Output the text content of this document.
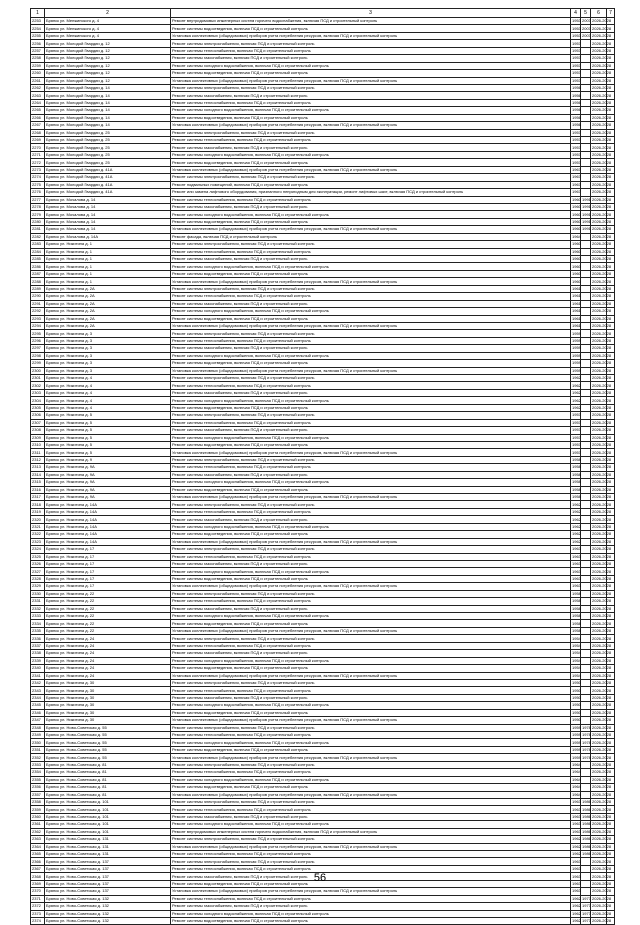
1	2	3	4	5	6	7
2253	Брянск ул. Менжинского д. 4	Ремонт внутридомовых инженерных систем горячего водоснабжения, включая ПСД и строительный контроль	1953	2007	2026-2028	
2254	Брянск ул. Менжинского д. 4	Ремонт системы водоотведения, включая ПСД и строительный контроль	1953	2007	2026-2028	
2255	Брянск ул. Менжинского д. 4	Установка коллективных (общедомовых) приборов учета потребления ресурсов, включая ПСД и строительный контроль	1953	2007	2026-2028	
2256	Брянск ул. Молодой Гвардии д. 12	Ремонт системы электроснабжения, включая ПСД и строительный контроль	1957		2026-2028	
2257	Брянск ул. Молодой Гвардии д. 12	Ремонт системы теплоснабжения, включая ПСД и строительный контроль	1957		2026-2028	
2258	Брянск ул. Молодой Гвардии д. 12	Ремонт системы газоснабжения, включая ПСД и строительный контроль	1957		2026-2028	
2259	Брянск ул. Молодой Гвардии д. 12	Ремонт системы холодного водоснабжения, включая ПСД и строительный контроль	1957		2026-2028	
2260	Брянск ул. Молодой Гвардии д. 12	Ремонт системы водоотведения, включая ПСД и строительный контроль	1957		2026-2028	
2261	Брянск ул. Молодой Гвардии д. 12	Установка коллективных (общедомовых) приборов учета потребления ресурсов, включая ПСД и строительный контроль	1957		2026-2028	
2262	Брянск ул. Молодой Гвардии д. 14	Ремонт системы электроснабжения, включая ПСД и строительный контроль	1956		2026-2028	
2263	Брянск ул. Молодой Гвардии д. 14	Ремонт системы газоснабжения, включая ПСД и строительный контроль	1956		2026-2028	
2264	Брянск ул. Молодой Гвардии д. 14	Ремонт системы теплоснабжения, включая ПСД и строительный контроль	1956		2026-2028	
2265	Брянск ул. Молодой Гвардии д. 14	Ремонт системы холодного водоснабжения, включая ПСД и строительный контроль	1956		2026-2028	
2266	Брянск ул. Молодой Гвардии д. 14	Ремонт системы водоотведения, включая ПСД и строительный контроль	1956		2026-2028	
2267	Брянск ул. Молодой Гвардии д. 14	Установка коллективных (общедомовых) приборов учета потребления ресурсов, включая ПСД и строительный контроль	1956		2026-2028	
2268	Брянск ул. Молодой Гвардии д. 25	Ремонт системы электроснабжения, включая ПСД и строительный контроль	1957		2026-2028	
2269	Брянск ул. Молодой Гвардии д. 25	Ремонт системы теплоснабжения, включая ПСД и строительный контроль	1957		2026-2028	
2270	Брянск ул. Молодой Гвардии д. 25	Ремонт системы газоснабжения, включая ПСД и строительный контроль	1957		2026-2028	
2271	Брянск ул. Молодой Гвардии д. 25	Ремонт системы холодного водоснабжения, включая ПСД и строительный контроль	1957		2026-2028	
2272	Брянск ул. Молодой Гвардии д. 25	Ремонт системы водоотведения, включая ПСД и строительный контроль	1957		2026-2028	
2273	Брянск ул. Молодой Гвардии д. 41А	Установка коллективных (общедомовых) приборов учета потребления ресурсов, включая ПСД и строительный контроль	1967		2026-2028	
2274	Брянск ул. Молодой Гвардии д. 41А	Ремонт системы электроснабжения, включая ПСД и строительный контроль	1967		2026-2028	
2275	Брянск ул. Молодой Гвардии д. 41А	Ремонт подвальных помещений, включая ПСД и строительный контроль	1967		2026-2028	
2276	Брянск ул. Молодой Гвардии д. 41А	Ремонт или замена лифтового оборудования, признанного непригодным для эксплуатации, ремонт лифтовых шахт, включая ПСД и строительный контроль	1967		2026-2028	
2277	Брянск ул. Мочалова д. 14	Ремонт системы теплоснабжения, включая ПСД и строительный контроль	1960	1991	2026-2028	
2278	Брянск ул. Мочалова д. 14	Ремонт системы газоснабжения, включая ПСД и строительный контроль	1960	1991	2026-2028	
2279	Брянск ул. Мочалова д. 14	Ремонт системы холодного водоснабжения, включая ПСД и строительный контроль	1960	1991	2026-2028	
2280	Брянск ул. Мочалова д. 14	Ремонт системы водоотведения, включая ПСД и строительный контроль	1960	1991	2026-2028	
2281	Брянск ул. Мочалова д. 14	Установка коллективных (общедомовых) приборов учета потребления ресурсов, включая ПСД и строительный контроль	1960	1991	2026-2028	
2282	Брянск ул. Мочалова д. 14А	Ремонт фасада, включая ПСД и строительный контроль	1964		2026-2028	
2283	Брянск ул. Никитина д. 1	Ремонт системы электроснабжения, включая ПСД и строительный контроль	1960		2026-2028	
2284	Брянск ул. Никитина д. 1	Ремонт системы теплоснабжения, включая ПСД и строительный контроль	1960		2026-2028	
2285	Брянск ул. Никитина д. 1	Ремонт системы газоснабжения, включая ПСД и строительный контроль	1960		2026-2028	
2286	Брянск ул. Никитина д. 1	Ремонт системы холодного водоснабжения, включая ПСД и строительный контроль	1960		2026-2028	
2287	Брянск ул. Никитина д. 1	Ремонт системы водоотведения, включая ПСД и строительный контроль	1960		2026-2028	
2288	Брянск ул. Никитина д. 1	Установка коллективных (общедомовых) приборов учета потребления ресурсов, включая ПСД и строительный контроль	1960		2026-2028	
2289	Брянск ул. Никитина д. 2А	Ремонт системы электроснабжения, включая ПСД и строительный контроль	1961		2026-2028	
2290	Брянск ул. Никитина д. 2А	Ремонт системы теплоснабжения, включая ПСД и строительный контроль	1961		2026-2028	
2291	Брянск ул. Никитина д. 2А	Ремонт системы газоснабжения, включая ПСД и строительный контроль	1961		2026-2028	
2292	Брянск ул. Никитина д. 2А	Ремонт системы холодного водоснабжения, включая ПСД и строительный контроль	1961		2026-2028	
2293	Брянск ул. Никитина д. 2А	Ремонт системы водоотведения, включая ПСД и строительный контроль	1961		2026-2028	
2294	Брянск ул. Никитина д. 2А	Установка коллективных (общедомовых) приборов учета потребления ресурсов, включая ПСД и строительный контроль	1961		2026-2028	
2295	Брянск ул. Никитина д. 3	Ремонт системы электроснабжения, включая ПСД и строительный контроль	1959		2026-2028	
2296	Брянск ул. Никитина д. 3	Ремонт системы теплоснабжения, включая ПСД и строительный контроль	1959		2026-2028	
2297	Брянск ул. Никитина д. 3	Ремонт системы газоснабжения, включая ПСД и строительный контроль	1959		2026-2028	
2298	Брянск ул. Никитина д. 3	Ремонт системы холодного водоснабжения, включая ПСД и строительный контроль	1959		2026-2028	
2299	Брянск ул. Никитина д. 3	Ремонт системы водоотведения, включая ПСД и строительный контроль	1959		2026-2028	
2300	Брянск ул. Никитина д. 3	Установка коллективных (общедомовых) приборов учета потребления ресурсов, включая ПСД и строительный контроль	1959		2026-2028	
2301	Брянск ул. Никитина д. 4	Ремонт системы электроснабжения, включая ПСД и строительный контроль	1962		2026-2028	
2302	Брянск ул. Никитина д. 4	Ремонт системы теплоснабжения, включая ПСД и строительный контроль	1962		2026-2028	
2303	Брянск ул. Никитина д. 4	Ремонт системы газоснабжения, включая ПСД и строительный контроль	1962		2026-2028	
2304	Брянск ул. Никитина д. 4	Ремонт системы холодного водоснабжения, включая ПСД и строительный контроль	1962		2026-2028	
2305	Брянск ул. Никитина д. 4	Ремонт системы водоотведения, включая ПСД и строительный контроль	1962		2026-2028	
2306	Брянск ул. Никитина д. 5	Ремонт системы электроснабжения, включая ПСД и строительный контроль	1957		2026-2028	
2307	Брянск ул. Никитина д. 5	Ремонт системы теплоснабжения, включая ПСД и строительный контроль	1957		2026-2028	
2308	Брянск ул. Никитина д. 5	Ремонт системы газоснабжения, включая ПСД и строительный контроль	1957		2026-2028	
2309	Брянск ул. Никитина д. 5	Ремонт системы холодного водоснабжения, включая ПСД и строительный контроль	1957		2026-2028	
2310	Брянск ул. Никитина д. 5	Ремонт системы водоотведения, включая ПСД и строительный контроль	1957		2026-2028	
2311	Брянск ул. Никитина д. 5	Установка коллективных (общедомовых) приборов учета потребления ресурсов, включая ПСД и строительный контроль	1957		2026-2028	
2312	Брянск ул. Никитина д. 9	Ремонт системы электроснабжения, включая ПСД и строительный контроль	1958		2026-2028	
2313	Брянск ул. Никитина д. 9А	Ремонт системы теплоснабжения, включая ПСД и строительный контроль	1958		2026-2028	
2314	Брянск ул. Никитина д. 9А	Ремонт системы газоснабжения, включая ПСД и строительный контроль	1958		2026-2028	
2315	Брянск ул. Никитина д. 9А	Ремонт системы холодного водоснабжения, включая ПСД и строительный контроль	1958		2026-2028	
2316	Брянск ул. Никитина д. 9А	Ремонт системы водоотведения, включая ПСД и строительный контроль	1958		2026-2028	
2317	Брянск ул. Никитина д. 9А	Установка коллективных (общедомовых) приборов учета потребления ресурсов, включая ПСД и строительный контроль	1958		2026-2028	
2318	Брянск ул. Никитина д. 14А	Ремонт системы электроснабжения, включая ПСД и строительный контроль	1962		2026-2028	
2319	Брянск ул. Никитина д. 14А	Ремонт системы теплоснабжения, включая ПСД и строительный контроль	1962		2026-2028	
2320	Брянск ул. Никитина д. 14А	Ремонт системы газоснабжения, включая ПСД и строительный контроль	1962		2026-2028	
2321	Брянск ул. Никитина д. 14А	Ремонт системы холодного водоснабжения, включая ПСД и строительный контроль	1962		2026-2028	
2322	Брянск ул. Никитина д. 14А	Ремонт системы водоотведения, включая ПСД и строительный контроль	1962		2026-2028	
2323	Брянск ул. Никитина д. 14А	Установка коллективных (общедомовых) приборов учета потребления ресурсов, включая ПСД и строительный контроль	1962		2026-2028	
2324	Брянск ул. Никитина д. 17	Ремонт системы электроснабжения, включая ПСД и строительный контроль	1963		2026-2028	
2325	Брянск ул. Никитина д. 17	Ремонт системы теплоснабжения, включая ПСД и строительный контроль	1963		2026-2028	
2326	Брянск ул. Никитина д. 17	Ремонт системы газоснабжения, включая ПСД и строительный контроль	1963		2026-2028	
2327	Брянск ул. Никитина д. 17	Ремонт системы холодного водоснабжения, включая ПСД и строительный контроль	1963		2026-2028	
2328	Брянск ул. Никитина д. 17	Ремонт системы водоотведения, включая ПСД и строительный контроль	1963		2026-2028	
2329	Брянск ул. Никитина д. 17	Установка коллективных (общедомовых) приборов учета потребления ресурсов, включая ПСД и строительный контроль	1963		2026-2028	
2330	Брянск ул. Никитина д. 22	Ремонт системы электроснабжения, включая ПСД и строительный контроль	1958		2026-2028	
2331	Брянск ул. Никитина д. 22	Ремонт системы теплоснабжения, включая ПСД и строительный контроль	1958		2026-2028	
2332	Брянск ул. Никитина д. 22	Ремонт системы газоснабжения, включая ПСД и строительный контроль	1958		2026-2028	
2333	Брянск ул. Никитина д. 22	Ремонт системы холодного водоснабжения, включая ПСД и строительный контроль	1958		2026-2028	
2334	Брянск ул. Никитина д. 22	Ремонт системы водоотведения, включая ПСД и строительный контроль	1958		2026-2028	
2335	Брянск ул. Никитина д. 22	Установка коллективных (общедомовых) приборов учета потребления ресурсов, включая ПСД и строительный контроль	1958		2026-2028	
2336	Брянск ул. Никитина д. 24	Ремонт системы электроснабжения, включая ПСД и строительный контроль	1954		2026-2028	
2337	Брянск ул. Никитина д. 24	Ремонт системы теплоснабжения, включая ПСД и строительный контроль	1954		2026-2028	
2338	Брянск ул. Никитина д. 24	Ремонт системы газоснабжения, включая ПСД и строительный контроль	1954		2026-2028	
2339	Брянск ул. Никитина д. 24	Ремонт системы холодного водоснабжения, включая ПСД и строительный контроль	1954		2026-2028	
2340	Брянск ул. Никитина д. 24	Ремонт системы водоотведения, включая ПСД и строительный контроль	1954		2026-2028	
2341	Брянск ул. Никитина д. 24	Установка коллективных (общедомовых) приборов учета потребления ресурсов, включая ПСД и строительный контроль	1954		2026-2028	
2342	Брянск ул. Никитина д. 30	Ремонт системы электроснабжения, включая ПСД и строительный контроль	1950		2026-2028	
2343	Брянск ул. Никитина д. 30	Ремонт системы теплоснабжения, включая ПСД и строительный контроль	1950		2026-2028	
2344	Брянск ул. Никитина д. 30	Ремонт системы газоснабжения, включая ПСД и строительный контроль	1950		2026-2028	
2345	Брянск ул. Никитина д. 30	Ремонт системы холодного водоснабжения, включая ПСД и строительный контроль	1950		2026-2028	
2346	Брянск ул. Никитина д. 30	Ремонт системы водоотведения, включая ПСД и строительный контроль	1950		2026-2028	
2347	Брянск ул. Никитина д. 30	Установка коллективных (общедомовых) приборов учета потребления ресурсов, включая ПСД и строительный контроль	1950		2026-2028	
2348	Брянск ул. Ново-Советская д. 55	Ремонт системы электроснабжения, включая ПСД и строительный контроль	1959	1978	2026-2028	
2349	Брянск ул. Ново-Советская д. 55	Ремонт системы теплоснабжения, включая ПСД и строительный контроль	1959	1978	2026-2028	
2350	Брянск ул. Ново-Советская д. 55	Ремонт системы холодного водоснабжения, включая ПСД и строительный контроль	1959	1978	2026-2028	
2351	Брянск ул. Ново-Советская д. 55	Ремонт системы водоотведения, включая ПСД и строительный контроль	1959	1978	2026-2028	
2352	Брянск ул. Ново-Советская д. 55	Установка коллективных (общедомовых) приборов учета потребления ресурсов, включая ПСД и строительный контроль	1959	1978	2026-2028	
2353	Брянск ул. Ново-Советская д. 81	Ремонт системы электроснабжения, включая ПСД и строительный контроль	1964		2026-2028	
2354	Брянск ул. Ново-Советская д. 81	Ремонт системы теплоснабжения, включая ПСД и строительный контроль	1964		2026-2028	
2355	Брянск ул. Ново-Советская д. 81	Ремонт системы холодного водоснабжения, включая ПСД и строительный контроль	1964		2026-2028	
2356	Брянск ул. Ново-Советская д. 81	Ремонт системы водоотведения, включая ПСД и строительный контроль	1964		2026-2028	
2357	Брянск ул. Ново-Советская д. 81	Установка коллективных (общедомовых) приборов учета потребления ресурсов, включая ПСД и строительный контроль	1964		2026-2028	
2358	Брянск ул. Ново-Советская д. 101	Ремонт системы электроснабжения, включая ПСД и строительный контроль	1963	1986	2026-2028	
2359	Брянск ул. Ново-Советская д. 101	Ремонт системы теплоснабжения, включая ПСД и строительный контроль	1963	1986	2026-2028	
2360	Брянск ул. Ново-Советская д. 101	Ремонт системы газоснабжения, включая ПСД и строительный контроль	1963	1986	2026-2028	
2361	Брянск ул. Ново-Советская д. 101	Ремонт системы холодного водоснабжения, включая ПСД и строительный контроль	1963	1986	2026-2028	
2362	Брянск ул. Ново-Советская д. 101	Ремонт внутридомовых инженерных систем горячего водоснабжения, включая ПСД и строительный контроль	1963	1986	2026-2028	
2363	Брянск ул. Ново-Советская д. 131	Ремонт системы электроснабжения, включая ПСД и строительный контроль	1962	1986	2026-2028	
2364	Брянск ул. Ново-Советская д. 131	Установка коллективных (общедомовых) приборов учета потребления ресурсов, включая ПСД и строительный контроль	1962	1986	2026-2028	
2365	Брянск ул. Ново-Советская д. 131	Ремонт системы теплоснабжения, включая ПСД и строительный контроль	1962	1986	2026-2028	
2366	Брянск ул. Ново-Советская д. 137	Ремонт системы электроснабжения, включая ПСД и строительный контроль	1963		2026-2028	
2367	Брянск ул. Ново-Советская д. 137	Ремонт системы теплоснабжения, включая ПСД и строительный контроль	1963		2026-2028	
2368	Брянск ул. Ново-Советская д. 137	Ремонт системы газоснабжения, включая ПСД и строительный контроль	1963		2026-2028	
2369	Брянск ул. Ново-Советская д. 137	Ремонт системы водоотведения, включая ПСД и строительный контроль	1963		2026-2028	
2370	Брянск ул. Ново-Советская д. 137	Установка коллективных (общедомовых) приборов учета потребления ресурсов, включая ПСД и строительный контроль	1963		2026-2028	
2371	Брянск ул. Ново-Советская д. 132	Ремонт системы теплоснабжения, включая ПСД и строительный контроль	1962	1977	2026-2028	
2372	Брянск ул. Ново-Советская д. 132	Ремонт системы газоснабжения, включая ПСД и строительный контроль	1962	1977	2026-2028	
2373	Брянск ул. Ново-Советская д. 132	Ремонт системы холодного водоснабжения, включая ПСД и строительный контроль	1962	1977	2026-2028	
2374	Брянск ул. Ново-Советская д. 132	Ремонт системы водоотведения, включая ПСД и строительный контроль	1962	1977	2026-2028	
56
